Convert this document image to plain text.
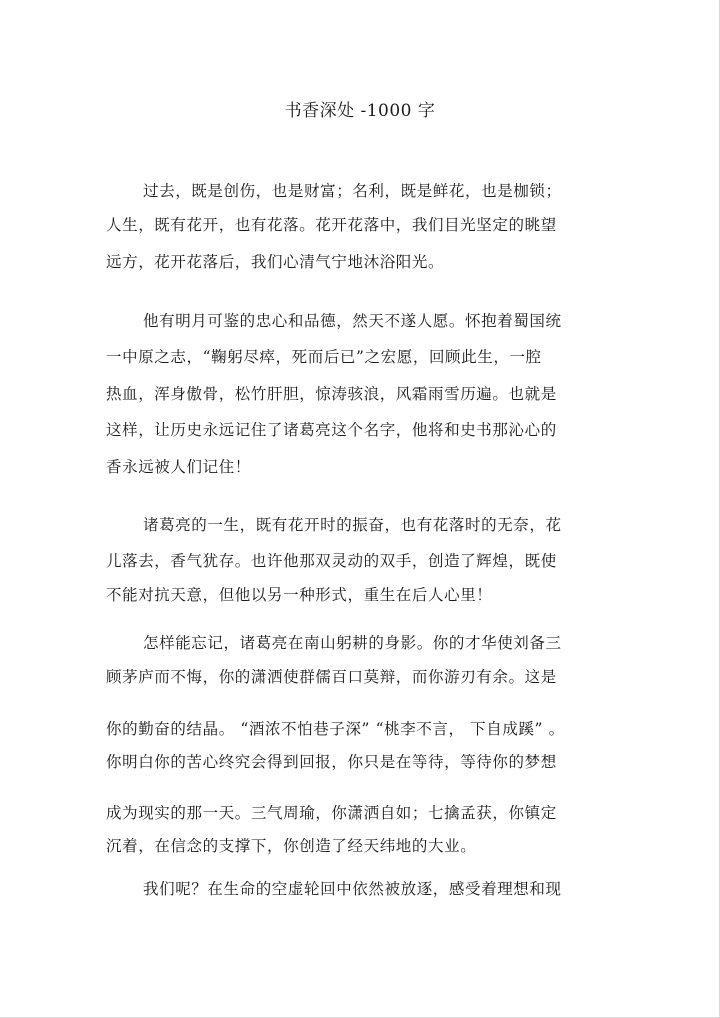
书香深处 -1000 字
过去，既是创伤，也是财富；名利，既是鲜花，也是枷锁；
人生，既有花开，也有花落。花开花落中，我们目光坚定的眺望
远方，花开花落后，我们心清气宁地沐浴阳光。
他有明月可鉴的忠心和品德，然天不遂人愿。怀抱着蜀国统
一中原之志，“鞠躬尽瘁，死而后已”之宏愿，回顾此生，一腔
热血，浑身傲骨，松竹肝胆，惊涛骇浪，风霜雨雪历遍。也就是
这样，让历史永远记住了诸葛亮这个名字，他将和史书那沁心的
香永远被人们记住！
诸葛亮的一生，既有花开时的振奋，也有花落时的无奈，花
儿落去，香气犹存。也许他那双灵动的双手，创造了辉煌，既使
不能对抗天意，但他以另一种形式，重生在后人心里！
怎样能忘记，诸葛亮在南山躬耕的身影。你的才华使刘备三
顾茅庐而不悔，你的潇洒使群儒百口莫辩，而你游刃有余。这是
你的勤奋的结晶。 “酒浓不怕巷子深” “桃李不言， 下自成蹊” 。
你明白你的苦心终究会得到回报，你只是在等待，等待你的梦想
成为现实的那一天。三气周瑜，你潇洒自如；七擒孟获，你镇定
沉着，在信念的支撑下，你创造了经天纬地的大业。
我们呢？在生命的空虚轮回中依然被放逐，感受着理想和现
